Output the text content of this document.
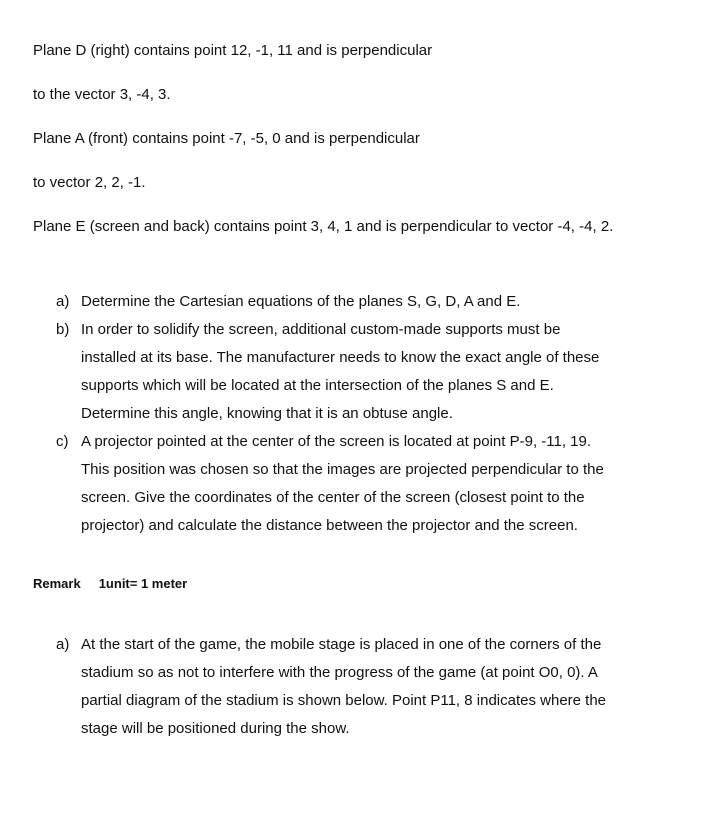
Plane D (right) contains point 12, -1, 11 and is perpendicular
to the vector 3, -4, 3.
Plane A (front) contains point -7, -5, 0 and is perpendicular
to vector 2, 2, -1.
Plane E (screen and back) contains point 3, 4, 1 and is perpendicular to vector -4, -4, 2.
a) Determine the Cartesian equations of the planes S, G, D, A and E.
b) In order to solidify the screen, additional custom-made supports must be
installed at its base. The manufacturer needs to know the exact angle of these
supports which will be located at the intersection of the planes S and E.
Determine this angle, knowing that it is an obtuse angle.
c) A projector pointed at the center of the screen is located at point P-9, -11, 19.
This position was chosen so that the images are projected perpendicular to the
screen. Give the coordinates of the center of the screen (closest point to the
projector) and calculate the distance between the projector and the screen.
Remark 1unit= 1 meter
a) At the start of the game, the mobile stage is placed in one of the corners of the
stadium so as not to interfere with the progress of the game (at point O0, 0). A
partial diagram of the stadium is shown below. Point P11, 8 indicates where the
stage will be positioned during the show.
